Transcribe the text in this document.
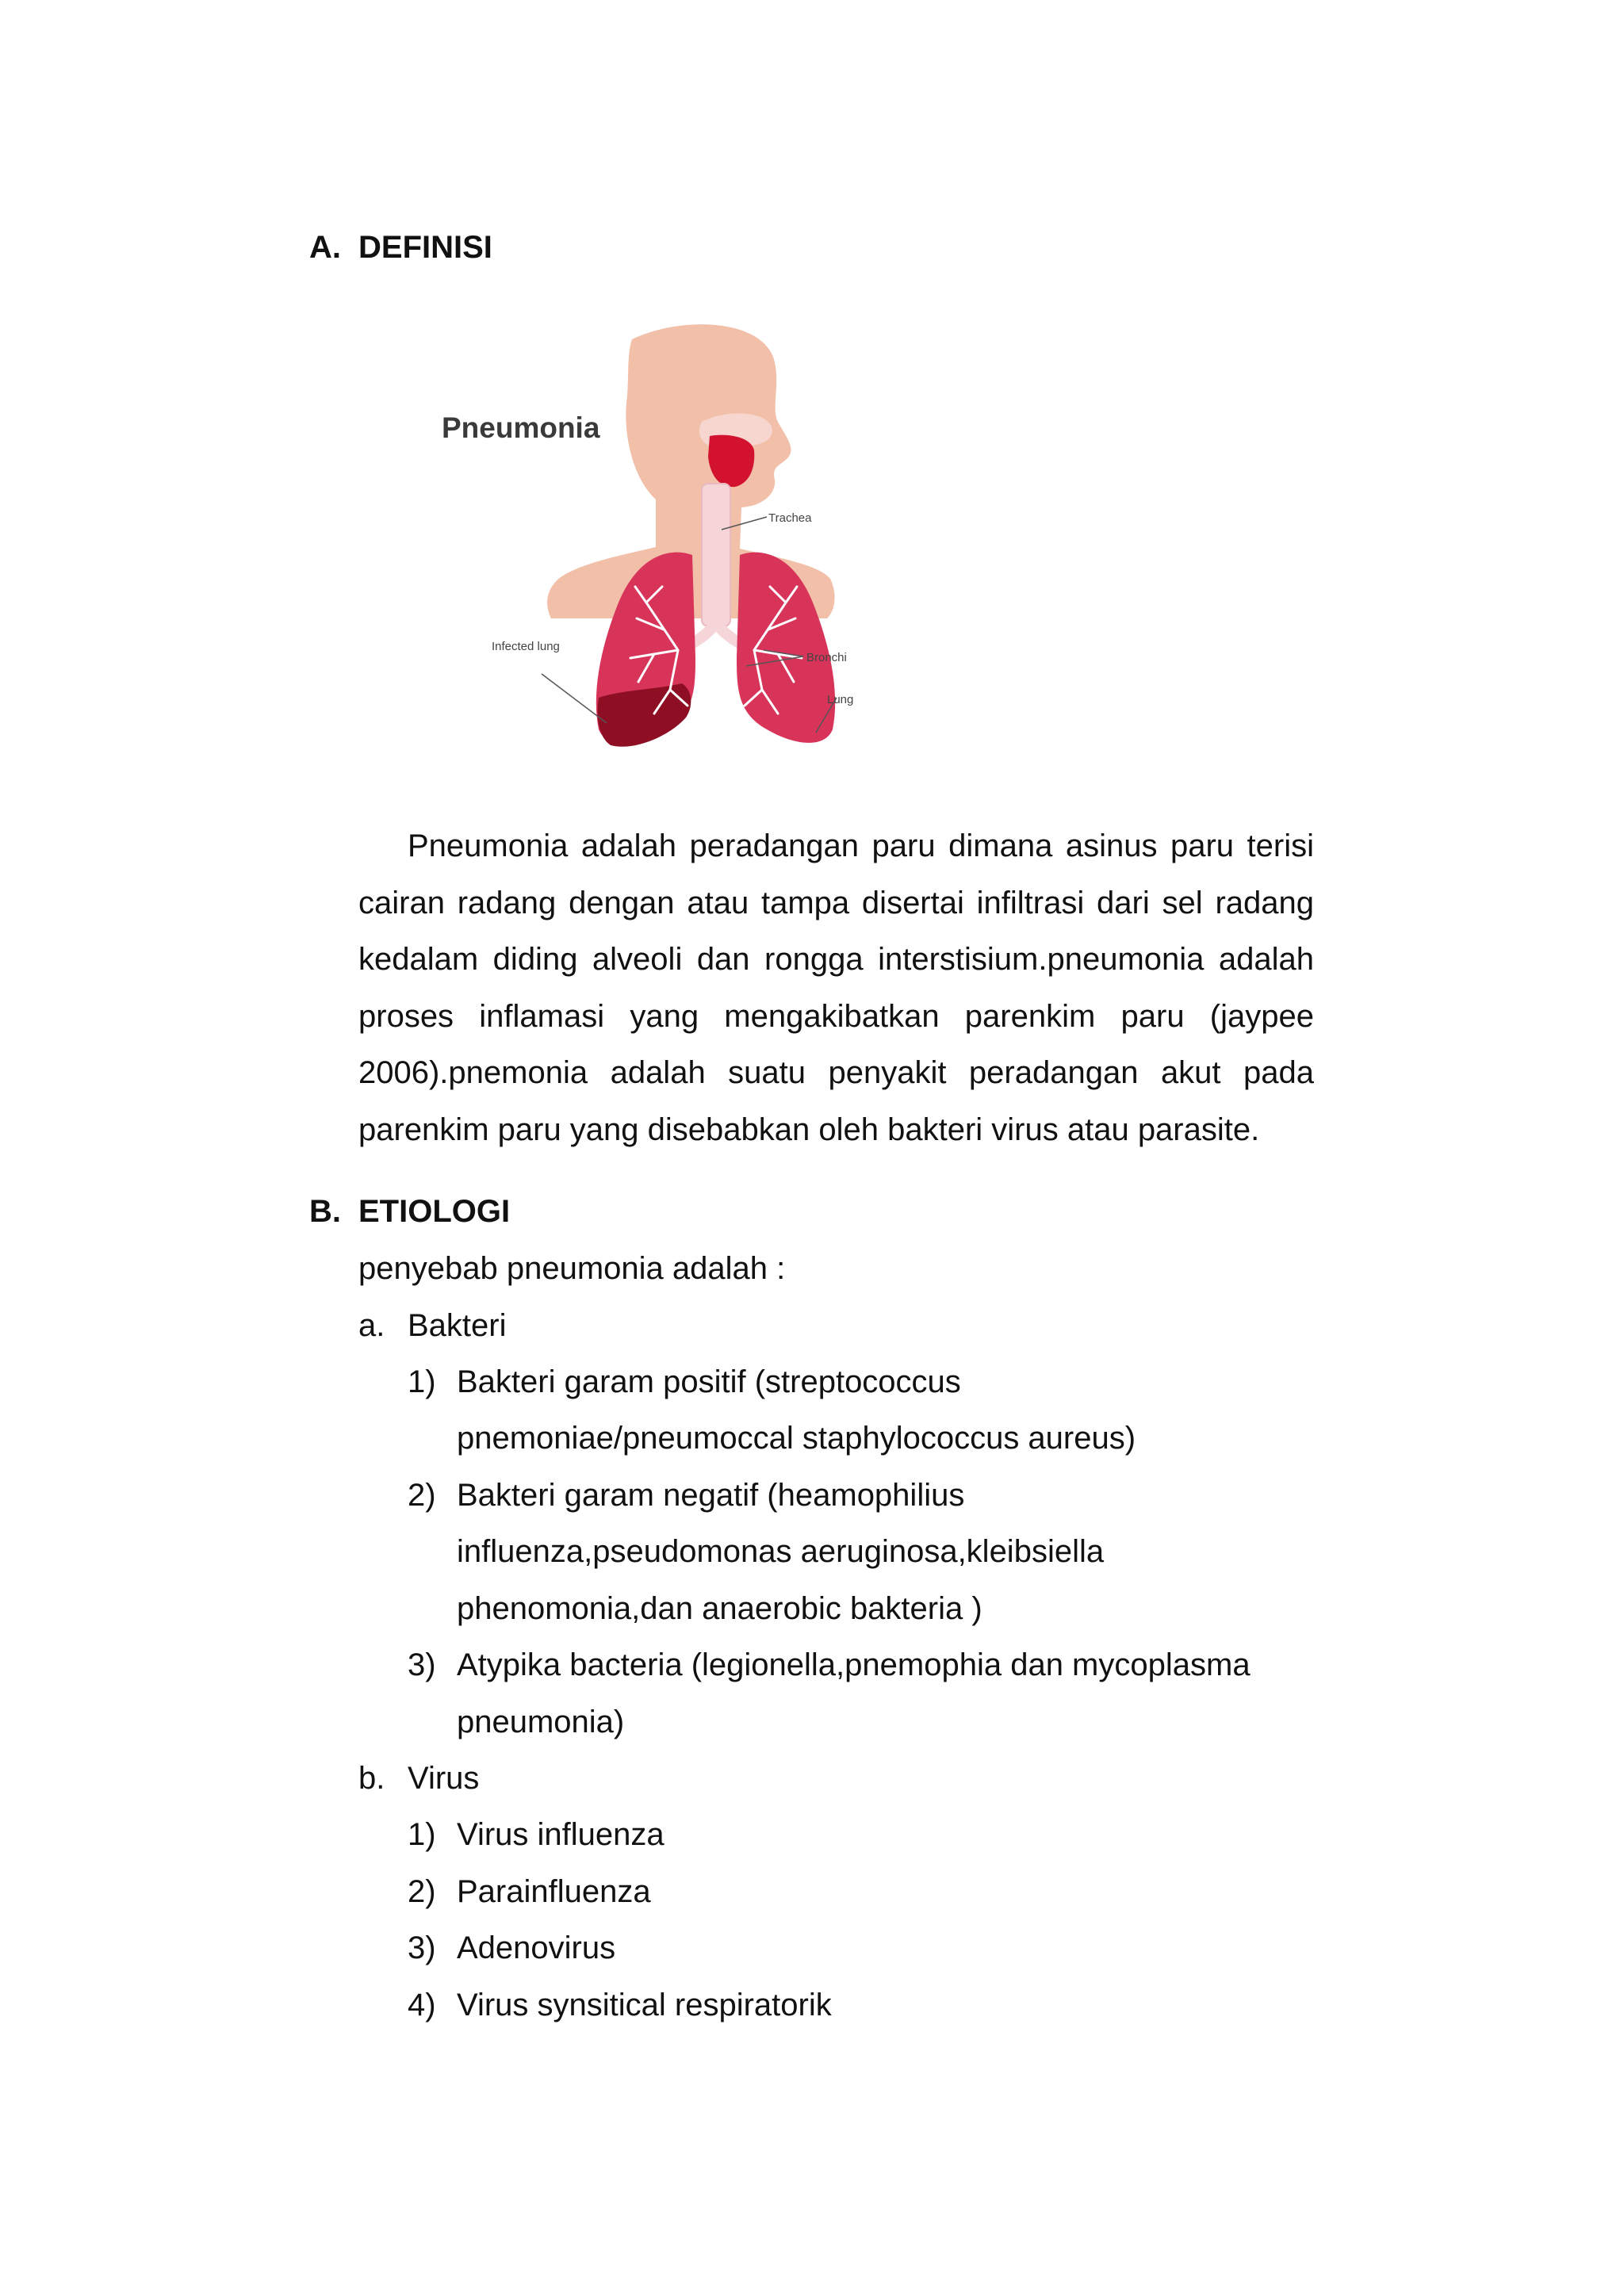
A. DEFINISI
Pneumonia
Trachea
Bronchi
Infected lung
Lung

Pneumonia adalah peradangan paru dimana asinus paru terisi cairan radang dengan atau tampa disertai infiltrasi dari sel radang kedalam diding alveoli dan rongga interstisium.pneumonia adalah proses inflamasi yang mengakibatkan parenkim paru (jaypee 2006).pnemonia adalah suatu penyakit peradangan akut pada parenkim paru yang disebabkan oleh bakteri virus atau parasite.

B. ETIOLOGI
penyebab pneumonia adalah :
a. Bakteri
1) Bakteri garam positif (streptococcus
pnemoniae/pneumoccal staphylococcus aureus)
2) Bakteri garam negatif (heamophilius
influenza,pseudomonas aeruginosa,kleibsiella
phenomonia,dan anaerobic bakteria )
3) Atypika bacteria (legionella,pnemophia dan mycoplasma
pneumonia)
b. Virus
1) Virus influenza
2) Parainfluenza
3) Adenovirus
4) Virus synsitical respiratorik
